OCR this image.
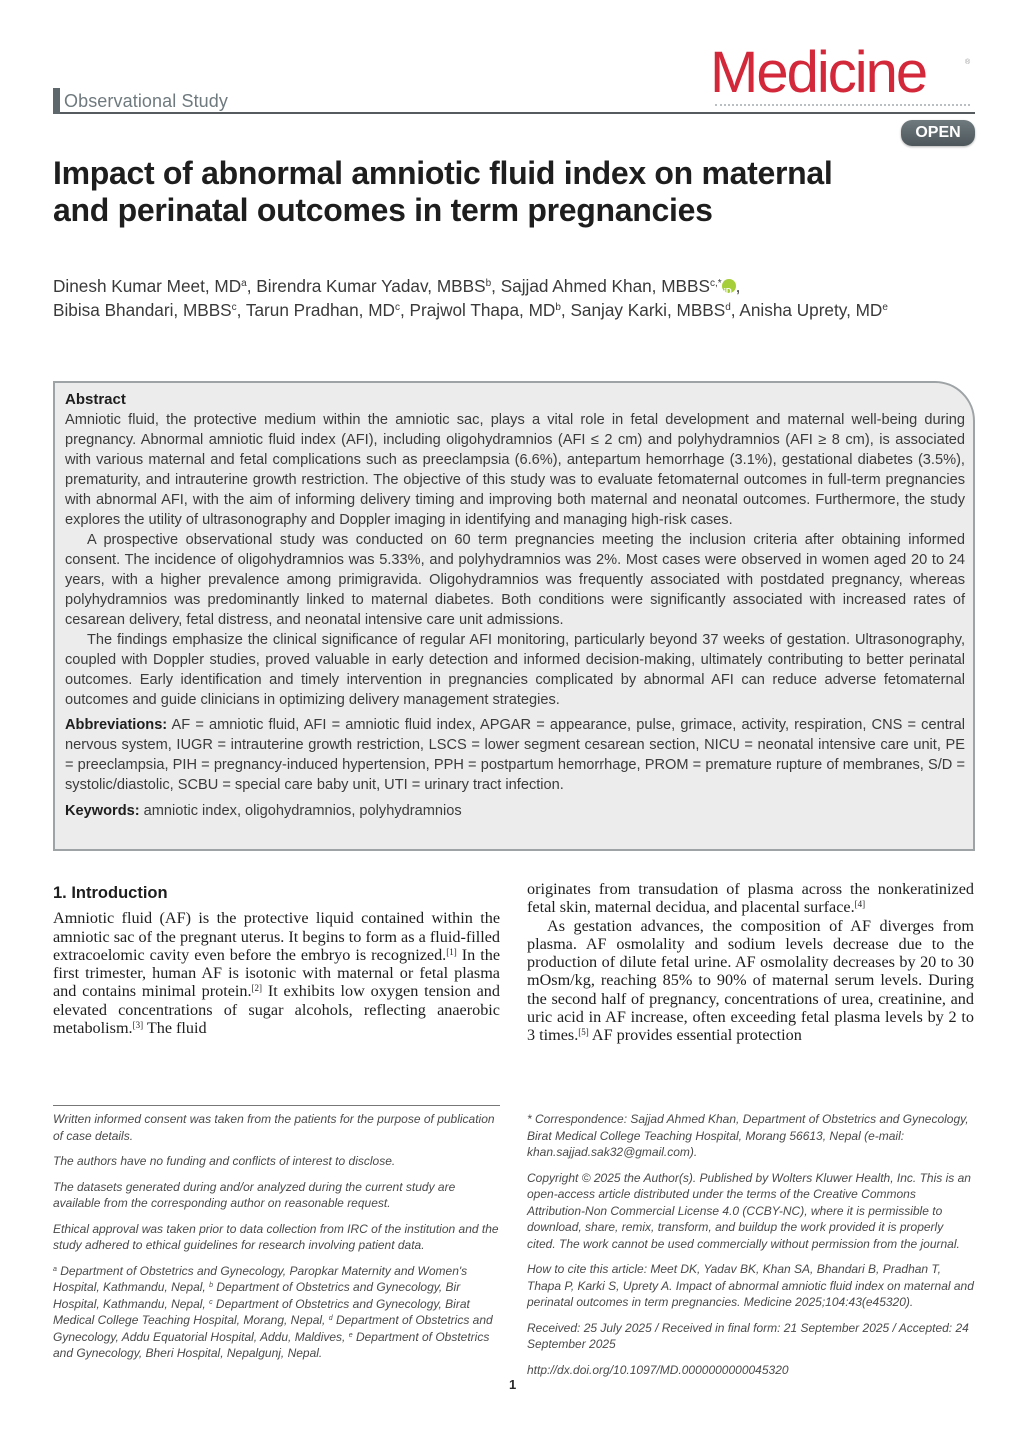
Observational Study	Medicine	®
OPEN
Impact of abnormal amniotic fluid index on maternal and perinatal outcomes in term pregnancies
Dinesh Kumar Meet, $MD^a$, Birendra Kumar Yadav, MBBS$^b$, Sajjad Ahmed Khan, $MBBS^{c,*}$ iD ,
Bibisa Bhandari, MBBS$^c$, Tarun Pradhan, $MD^c$, Prajwol Thapa, $MD^b$, Sanjay Karki, MBBS$^d$, Anisha Uprety, MDe
Abstract

Amniotic fluid, the protective medium within the amniotic sac, plays a vital role in fetal development and maternal well-being during pregnancy. Abnormal amniotic fluid index (AFI), including oligohydramnios (AFI ≤ 2 cm) and polyhydramnios (AFI ≥ 8 cm), is associated with various maternal and fetal complications such as preeclampsia (6.6%), antepartum hemorrhage (3.1%), gestational diabetes (3.5%), prematurity, and intrauterine growth restriction. The objective of this study was to evaluate fetomaternal outcomes in full-term pregnancies with abnormal AFI, with the aim of informing delivery timing and improving both maternal and neonatal outcomes. Furthermore, the study explores the utility of ultrasonography and Doppler imaging in identifying and managing high-risk cases.

A prospective observational study was conducted on 60 term pregnancies meeting the inclusion criteria after obtaining informed consent. The incidence of oligohydramnios was 5.33%, and polyhydramnios was 2%. Most cases were observed in women aged 20 to 24 years, with a higher prevalence among primigravida. Oligohydramnios was frequently associated with postdated pregnancy, whereas polyhydramnios was predominantly linked to maternal diabetes. Both conditions were significantly associated with increased rates of cesarean delivery, fetal distress, and neonatal intensive care unit admissions.

The findings emphasize the clinical significance of regular AFI monitoring, particularly beyond 37 weeks of gestation. Ultrasonography, coupled with Doppler studies, proved valuable in early detection and informed decision-making, ultimately contributing to better perinatal outcomes. Early identification and timely intervention in pregnancies complicated by abnormal AFI can reduce adverse fetomaternal outcomes and guide clinicians in optimizing delivery management strategies.

Abbreviations: AF = amniotic fluid, AFI = amniotic fluid index, APGAR = appearance, pulse, grimace, activity, respiration, CNS = central nervous system, IUGR = intrauterine growth restriction, LSCS = lower segment cesarean section, NICU = neonatal intensive care unit, PE = preeclampsia, PIH = pregnancy-induced hypertension, PPH = postpartum hemorrhage, PROM = premature rupture of membranes, S/D = systolic/diastolic, SCBU = special care baby unit, UTI = urinary tract infection.

Keywords: amniotic index, oligohydramnios, polyhydramnios

1. Introduction

Amniotic fluid (AF) is the protective liquid contained within the amniotic sac of the pregnant uterus. It begins to form as a fluid-filled extracoelomic cavity even before the embryo is recognized.[1] In the first trimester, human AF is isotonic with maternal or fetal plasma and contains minimal protein.[2] It exhibits low oxygen tension and elevated concentrations of sugar alcohols, reflecting anaerobic metabolism.[3] The fluid

originates from transudation of plasma across the nonkeratinized fetal skin, maternal decidua, and placental surface.[4]

As gestation advances, the composition of AF diverges from plasma. AF osmolality and sodium levels decrease due to the production of dilute fetal urine. AF osmolality decreases by 20 to 30 mOsm/kg, reaching 85% to 90% of maternal serum levels. During the second half of pregnancy, concentrations of urea, creatinine, and uric acid in AF increase, often exceeding fetal plasma levels by 2 to 3 times.[5] AF provides essential protection

Written informed consent was taken from the patients for the purpose of publication of case details.

The authors have no funding and conflicts of interest to disclose.

The datasets generated during and/or analyzed during the current study are available from the corresponding author on reasonable request.

Ethical approval was taken prior to data collection from IRC of the institution and the study adhered to ethical guidelines for research involving patient data.

$^a$ Department of Obstetrics and Gynecology, Paropkar Maternity and Women's Hospital, Kathmandu, Nepal, $^b$ Department of Obstetrics and Gynecology, Bir Hospital, Kathmandu, Nepal, $^c$ Department of Obstetrics and Gynecology, Birat Medical College Teaching Hospital, Morang, Nepal, $^d$ Department of Obstetrics and Gynecology, Addu Equatorial Hospital, Addu, Maldives, $^e$ Department of Obstetrics and Gynecology, Bheri Hospital, Nepalgunj, Nepal.

* Correspondence: Sajjad Ahmed Khan, Department of Obstetrics and Gynecology, Birat Medical College Teaching Hospital, Morang 56613, Nepal (e-mail: khan.sajjad.sak32@gmail.com).

Copyright © 2025 the Author(s). Published by Wolters Kluwer Health, Inc. This is an open-access article distributed under the terms of the Creative Commons Attribution-Non Commercial License 4.0 (CCBY-NC), where it is permissible to download, share, remix, transform, and buildup the work provided it is properly cited. The work cannot be used commercially without permission from the journal.

How to cite this article: Meet DK, Yadav BK, Khan SA, Bhandari B, Pradhan T, Thapa P, Karki S, Uprety A. Impact of abnormal amniotic fluid index on maternal and perinatal outcomes in term pregnancies. Medicine 2025;104:43(e45320).

Received: 25 July 2025 / Received in final form: 21 September 2025 / Accepted: 24 September 2025

http://dx.doi.org/10.1097/MD.0000000000045320

1
